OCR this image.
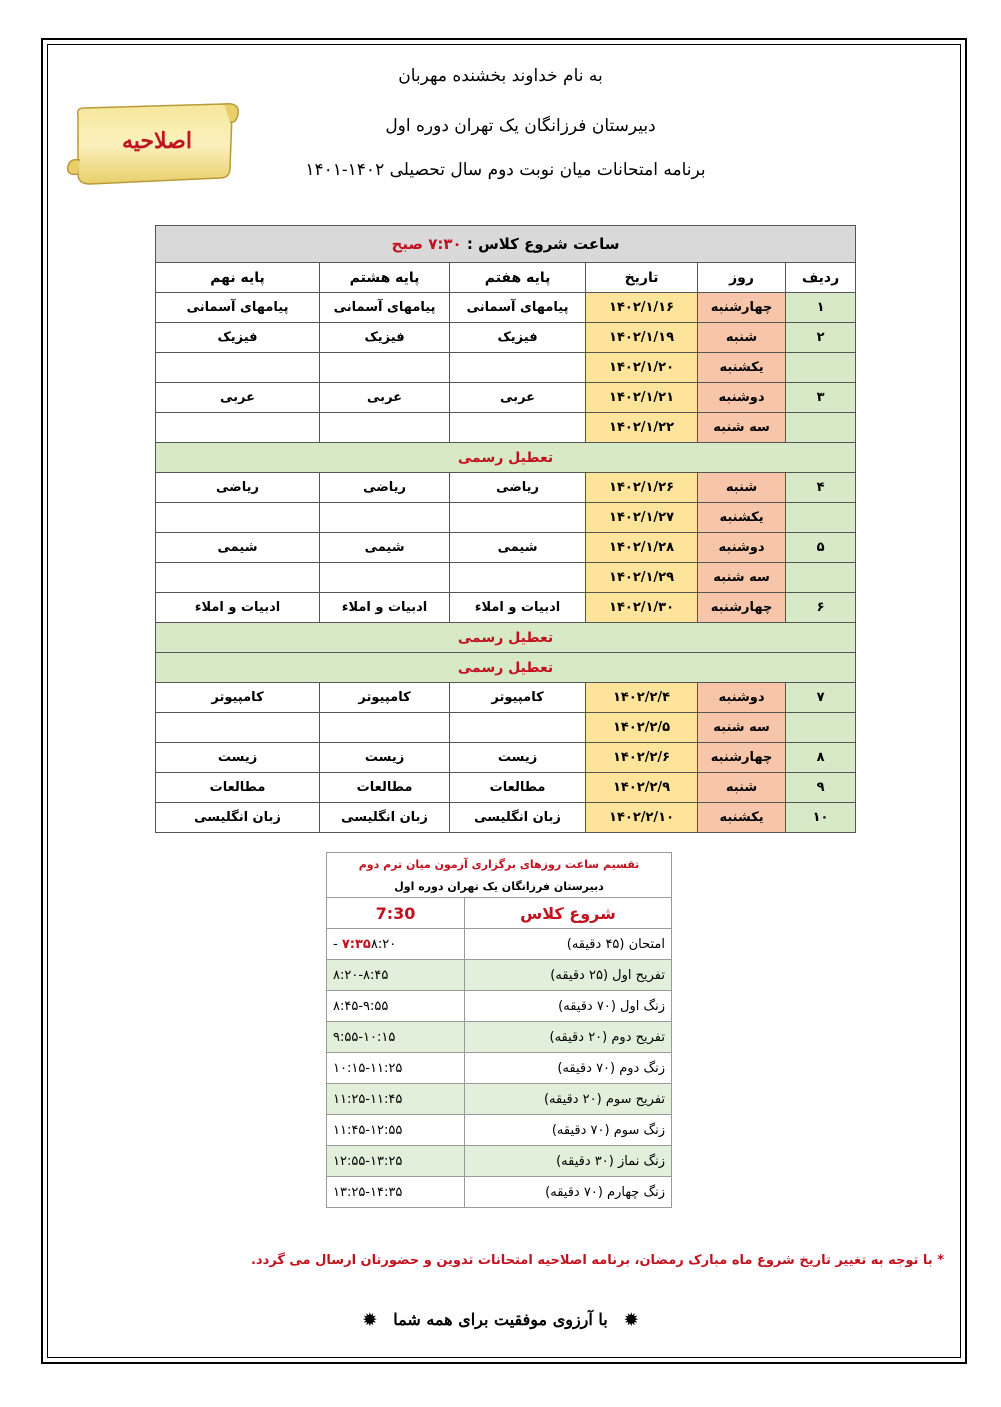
به نام خداوند بخشنده مهربان
دبیرستان فرزانگان یک تهران دوره اول
برنامه امتحانات میان نوبت دوم سال تحصیلی ۱۴۰۲-۱۴۰۱
اصلاحیه
ساعت شروع کلاس : ۷:۳۰ صبح					
ردیف	روز	تاریخ	پایه هفتم	پایه هشتم	پایه نهم
۱	چهارشنبه	۱۴۰۲/۱/۱۶	پیامهای آسمانی	پیامهای آسمانی	پیامهای آسمانی
۲	شنبه	۱۴۰۲/۱/۱۹	فیزیک	فیزیک	فیزیک
	یکشنبه	۱۴۰۲/۱/۲۰			
۳	دوشنبه	۱۴۰۲/۱/۲۱	عربی	عربی	عربی
	سه شنبه	۱۴۰۲/۱/۲۲			
تعطیل رسمی					
۴	شنبه	۱۴۰۲/۱/۲۶	ریاضی	ریاضی	ریاضی
	یکشنبه	۱۴۰۲/۱/۲۷			
۵	دوشنبه	۱۴۰۲/۱/۲۸	شیمی	شیمی	شیمی
	سه شنبه	۱۴۰۲/۱/۲۹			
۶	چهارشنبه	۱۴۰۲/۱/۳۰	ادبیات و املاء	ادبیات و املاء	ادبیات و املاء
تعطیل رسمی					
تعطیل رسمی					
۷	دوشنبه	۱۴۰۲/۲/۴	کامپیوتر	کامپیوتر	کامپیوتر
	سه شنبه	۱۴۰۲/۲/۵			
۸	چهارشنبه	۱۴۰۲/۲/۶	زیست	زیست	زیست
۹	شنبه	۱۴۰۲/۲/۹	مطالعات	مطالعات	مطالعات
۱۰	یکشنبه	۱۴۰۲/۲/۱۰	زبان انگلیسی	زبان انگلیسی	زبان انگلیسی
تقسیم ساعت روزهای برگزاری آزمون میان ترم دوم	
دبیرستان فرزانگان یک تهران دوره اول	
شروع کلاس	7:30
امتحان (۴۵ دقیقه)	۷:۳۵۸:۲۰ -
تفریح اول (۲۵ دقیقه)	۸:۲۰-۸:۴۵
زنگ اول (۷۰ دقیقه)	۸:۴۵-۹:۵۵
تفریح دوم (۲۰ دقیقه)	۹:۵۵-۱۰:۱۵
زنگ دوم (۷۰ دقیقه)	۱۰:۱۵-۱۱:۲۵
تفریح سوم (۲۰ دقیقه)	۱۱:۲۵-۱۱:۴۵
زنگ سوم (۷۰ دقیقه)	۱۱:۴۵-۱۲:۵۵
زنگ نماز (۳۰ دقیقه)	۱۲:۵۵-۱۳:۲۵
زنگ چهارم (۷۰ دقیقه)	۱۳:۲۵-۱۴:۳۵
* با توجه به تغییر تاریخ شروع ماه مبارک رمضان، برنامه اصلاحیه امتحانات تدوین و حضورتان ارسال می گردد.
✹   با آرزوی موفقیت برای همه شما   ✹
